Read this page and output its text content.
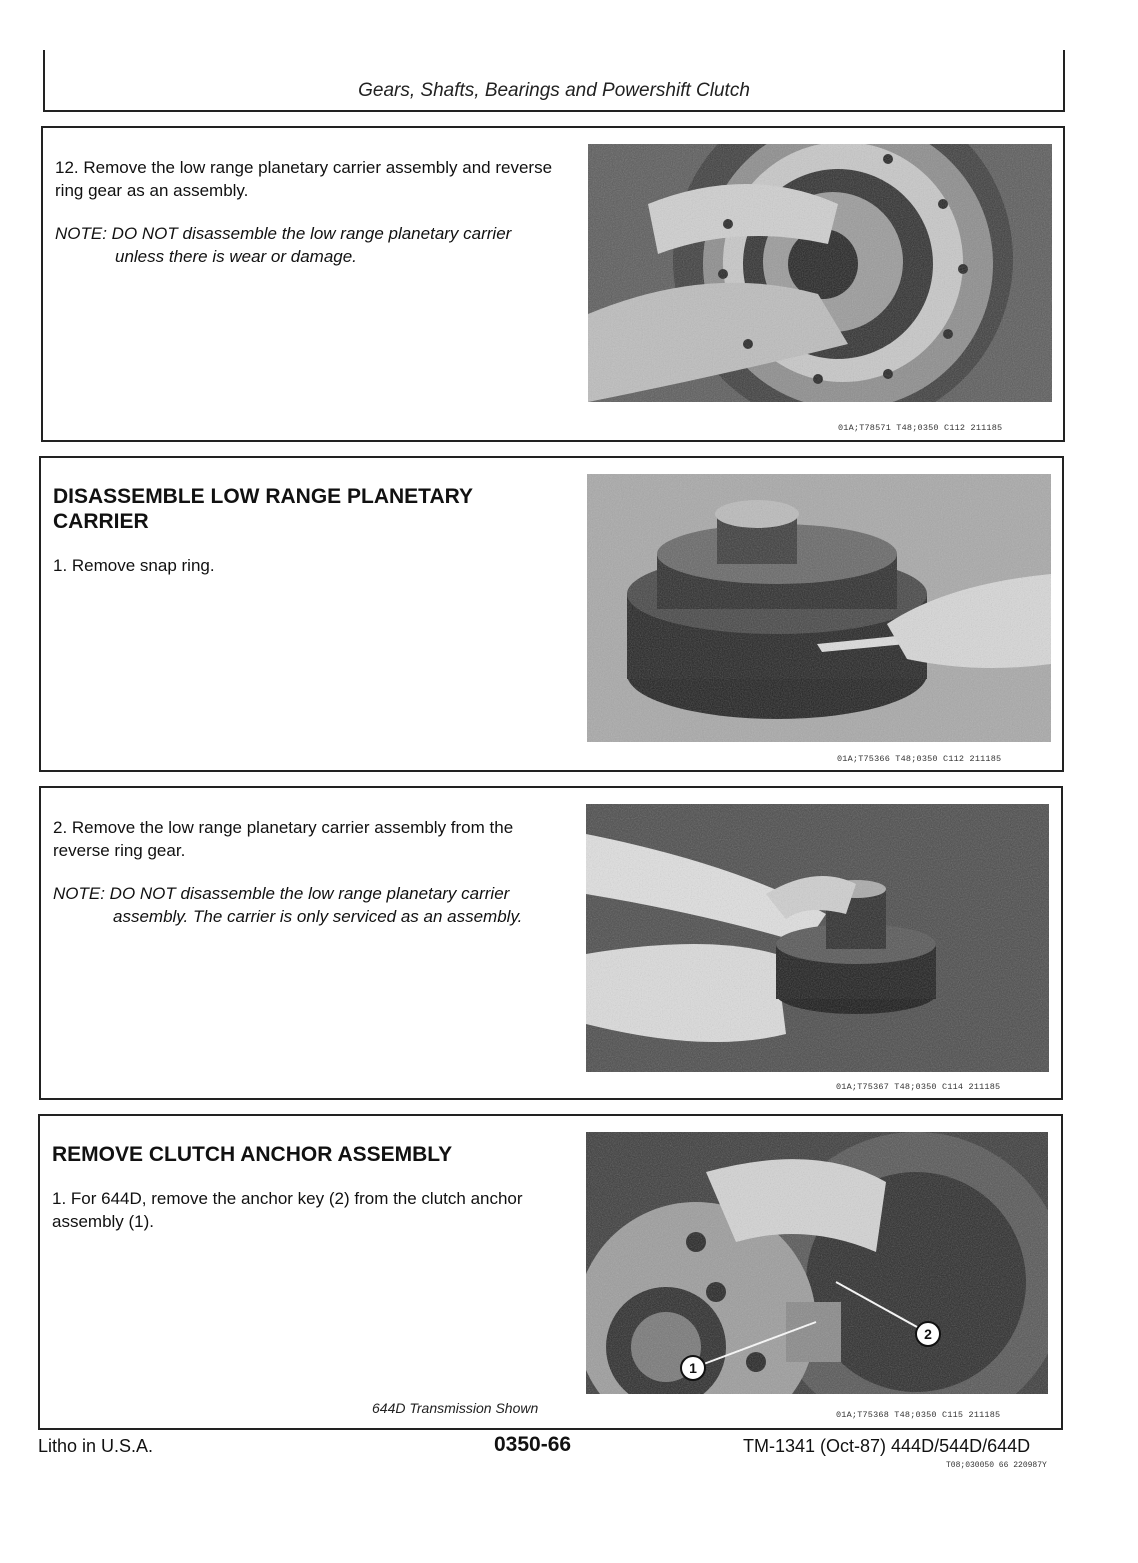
Gears, Shafts, Bearings and Powershift Clutch

12. Remove the low range planetary carrier assembly and reverse ring gear as an assembly.

NOTE: DO NOT disassemble the low range planetary carrier unless there is wear or damage.

01A;T78571 T48;0350 C112 211185
DISASSEMBLE LOW RANGE PLANETARY CARRIER

1. Remove snap ring.

01A;T75366 T48;0350 C112 211185

2. Remove the low range planetary carrier assembly from the reverse ring gear.

NOTE: DO NOT disassemble the low range planetary carrier assembly. The carrier is only serviced as an assembly.

01A;T75367 T48;0350 C114 211185
REMOVE CLUTCH ANCHOR ASSEMBLY

1. For 644D, remove the anchor key (2) from the clutch anchor assembly (1).

644D Transmission Shown
1
2
01A;T75368 T48;0350 C115 211185
Litho in U.S.A.	0350-66	TM-1341 (Oct-87) 444D/544D/644D
T08;030050 66 220987Y
